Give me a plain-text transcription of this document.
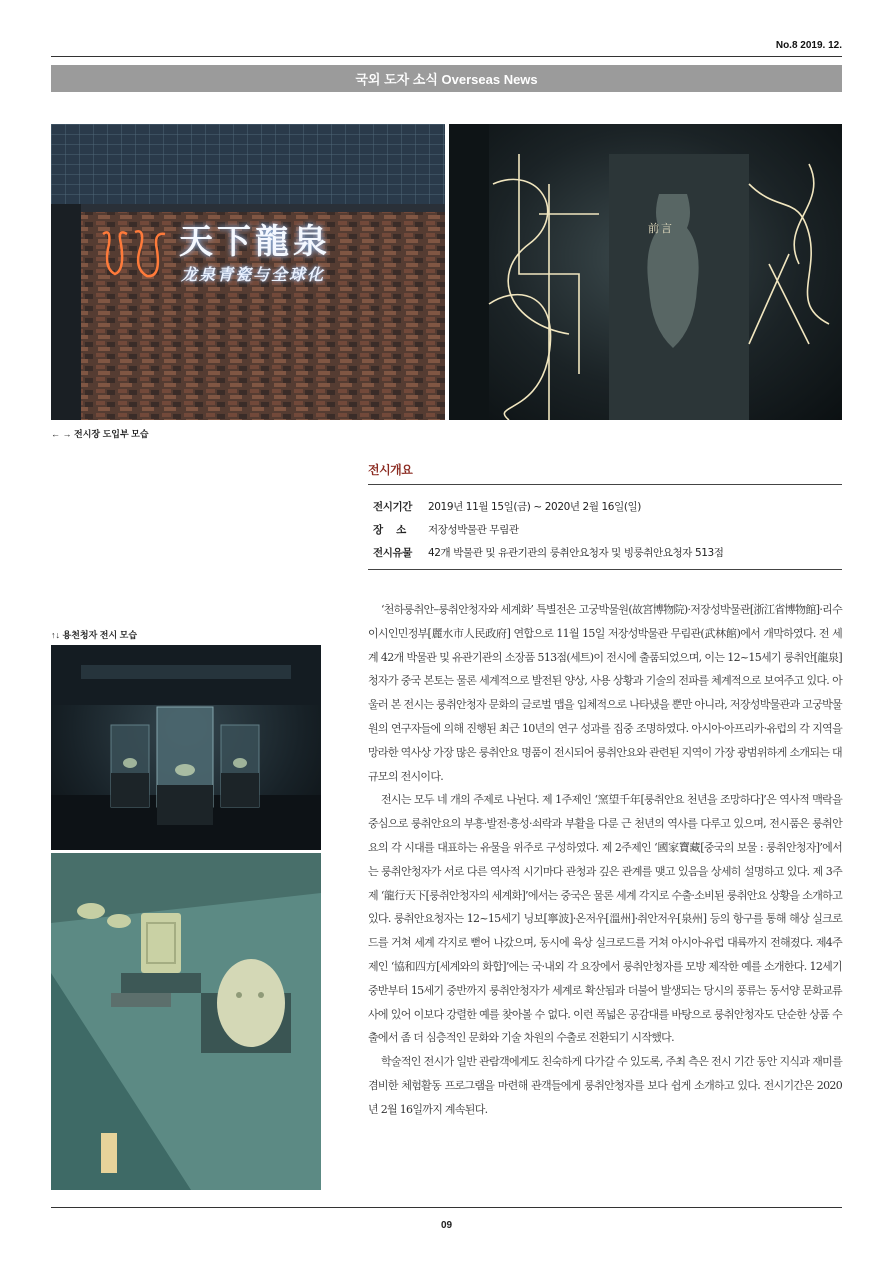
No.8 2019. 12.
국외 도자 소식 Overseas News
天下龍泉
龙泉青瓷与全球化
前言
← → 전시장 도입부 모습
전시개요
전시기간	2019년 11월 15일(금) ~ 2020년 2월 16일(일)
장　 소	저장성박물관 무림관
전시유물	42개 박물관 및 유관기관의 룽취안요청자 및 빙룽취안요청자 513점
↑↓ 용천청자 전시 모습

‘천하룽취안–룽취안청자와 세계화’ 특별전은 고궁박물원(故宮博物院)·저장성박물관[浙江省博物館]·리수이시인민정부[麗水市人民政府] 연합으로 11월 15일 저장성박물관 무림관(武林館)에서 개막하였다. 전 세계 42개 박물관 및 유관기관의 소장품 513점(세트)이 전시에 출품되었으며, 이는 12~15세기 룽취안[龍泉]청자가 중국 본토는 물론 세계적으로 발전된 양상, 사용 상황과 기술의 전파를 체계적으로 보여주고 있다. 아울러 본 전시는 룽취안청자 문화의 글로벌 맵을 입체적으로 나타냈을 뿐만 아니라, 저장성박물관과 고궁박물원의 연구자들에 의해 진행된 최근 10년의 연구 성과를 집중 조명하였다. 아시아·아프리카·유럽의 각 지역을 망라한 역사상 가장 많은 룽취안요 명품이 전시되어 룽취안요와 관련된 지역이 가장 광범위하게 소개되는 대규모의 전시이다.

전시는 모두 네 개의 주제로 나뉜다. 제 1주제인 ‘窯望千年[룽취안요 천년을 조망하다]’은 역사적 맥락을 중심으로 룽취안요의 부흥·발전·흥성·쇠락과 부활을 다룬 근 천년의 역사를 다루고 있으며, 전시품은 룽취안요의 각 시대를 대표하는 유물을 위주로 구성하였다. 제 2주제인 ‘國家寶藏[중국의 보물 : 룽취안청자]’에서는 룽취안청자가 서로 다른 역사적 시기마다 관청과 깊은 관계를 맺고 있음을 상세히 설명하고 있다. 제 3주제 ‘龍行天下[룽취안청자의 세계화]’에서는 중국은 물론 세계 각지로 수출·소비된 룽취안요 상황을 소개하고 있다. 룽취안요청자는 12~15세기 닝보[寧波]·온저우[溫州]·취안저우[泉州] 등의 항구를 통해 해상 실크로드를 거쳐 세계 각지로 뻗어 나갔으며, 동시에 육상 실크로드를 거쳐 아시아·유럽 대륙까지 전해졌다. 제4주제인 ‘協和四方[세계와의 화합]’에는 국·내외 각 요장에서 룽취안청자를 모방 제작한 예를 소개한다. 12세기 중반부터 15세기 중반까지 룽취안청자가 세계로 확산됨과 더불어 발생되는 당시의 풍류는 동서양 문화교류사에 있어 이보다 강렬한 예를 찾아볼 수 없다. 이런 폭넓은 공감대를 바탕으로 룽취안청자도 단순한 상품 수출에서 좀 더 심층적인 문화와 기술 차원의 수출로 전환되기 시작했다.

학술적인 전시가 일반 관람객에게도 친숙하게 다가갈 수 있도록, 주최 측은 전시 기간 동안 지식과 재미를 겸비한 체험활동 프로그램을 마련해 관객들에게 룽취안청자를 보다 쉽게 소개하고 있다. 전시기간은 2020년 2월 16일까지 계속된다.

09
